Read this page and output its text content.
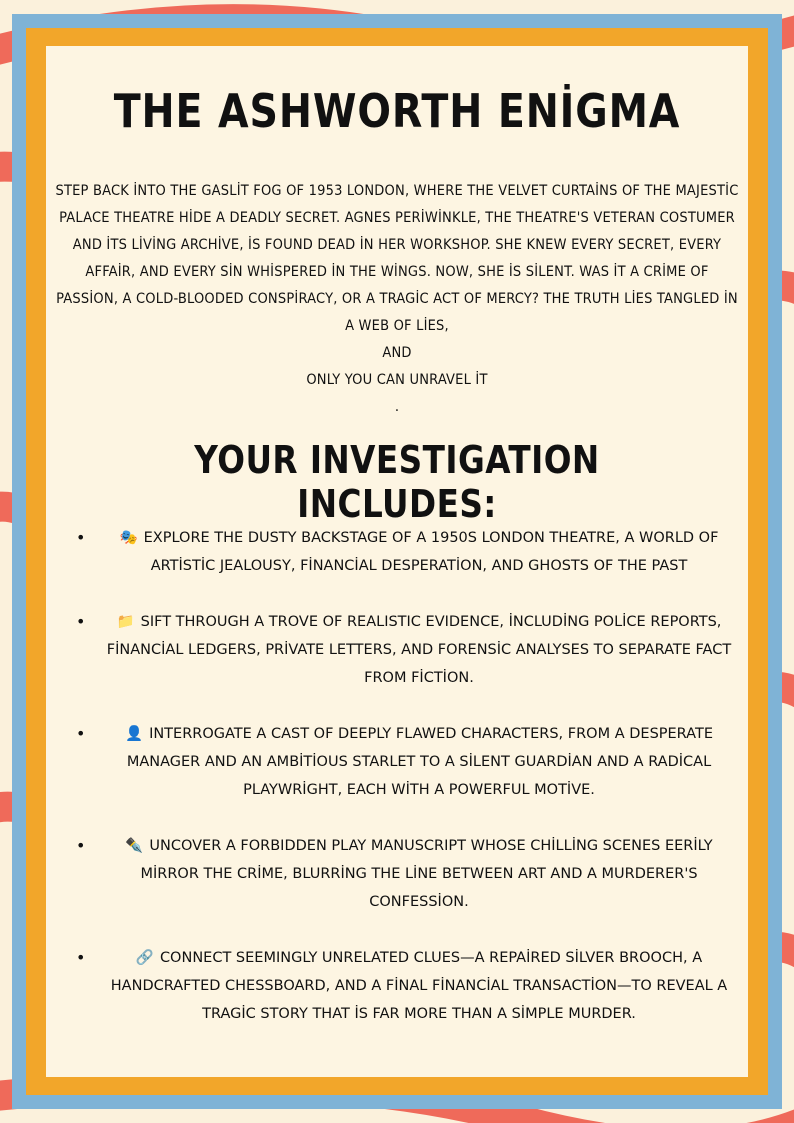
THE ASHWORTH ENİGMA
STEP BACK İNTO THE GASLİT FOG OF 1953 LONDON, WHERE THE VELVET CURTAİNS OF THE MAJESTİC PALACE THEATRE HİDE A DEADLY SECRET. AGNES PERİWİNKLE, THE THEATRE'S VETERAN COSTUMER AND İTS LİVİNG ARCHİVE, İS FOUND DEAD İN HER WORKSHOP. SHE KNEW EVERY SECRET, EVERY AFFAİR, AND EVERY SİN WHİSPERED İN THE WİNGS. NOW, SHE İS SİLENT. WAS İT A CRİME OF PASSİON, A COLD-BLOODED CONSPİRACY, OR A TRAGİC ACT OF MERCY? THE TRUTH LİES TANGLED İN A WEB OF LİES,
AND
ONLY YOU CAN UNRAVEL İT
.
YOUR INVESTIGATION INCLUDES:
• 🎭 EXPLORE THE DUSTY BACKSTAGE OF A 1950S LONDON THEATRE, A WORLD OF ARTİSTİC JEALOUSY, FİNANCİAL DESPERATİON, AND GHOSTS OF THE PAST
• 📁 SIFT THROUGH A TROVE OF REALISTIC EVIDENCE, İNCLUDİNG POLİCE REPORTS, FİNANCİAL LEDGERS, PRİVATE LETTERS, AND FORENSİC ANALYSES TO SEPARATE FACT FROM FİCTİON.
•	👤 INTERROGATE A CAST OF DEEPLY FLAWED CHARACTERS, FROM A DESPERATE MANAGER AND AN AMBİTİOUS STARLET TO A SİLENT GUARDİAN AND A RADİCAL PLAYWRİGHT, EACH WİTH A POWERFUL MOTİVE.
•	✒️ UNCOVER A FORBIDDEN PLAY MANUSCRIPT WHOSE CHİLLİNG SCENES EERİLY MİRROR THE CRİME, BLURRİNG THE LİNE BETWEEN ART AND A MURDERER'S CONFESSİON.
•	🔗 CONNECT SEEMINGLY UNRELATED CLUES—A REPAİRED SİLVER BROOCH, A HANDCRAFTED CHESSBOARD, AND A FİNAL FİNANCİAL TRANSACTİON—TO REVEAL A TRAGİC STORY THAT İS FAR MORE THAN A SİMPLE MURDER.
